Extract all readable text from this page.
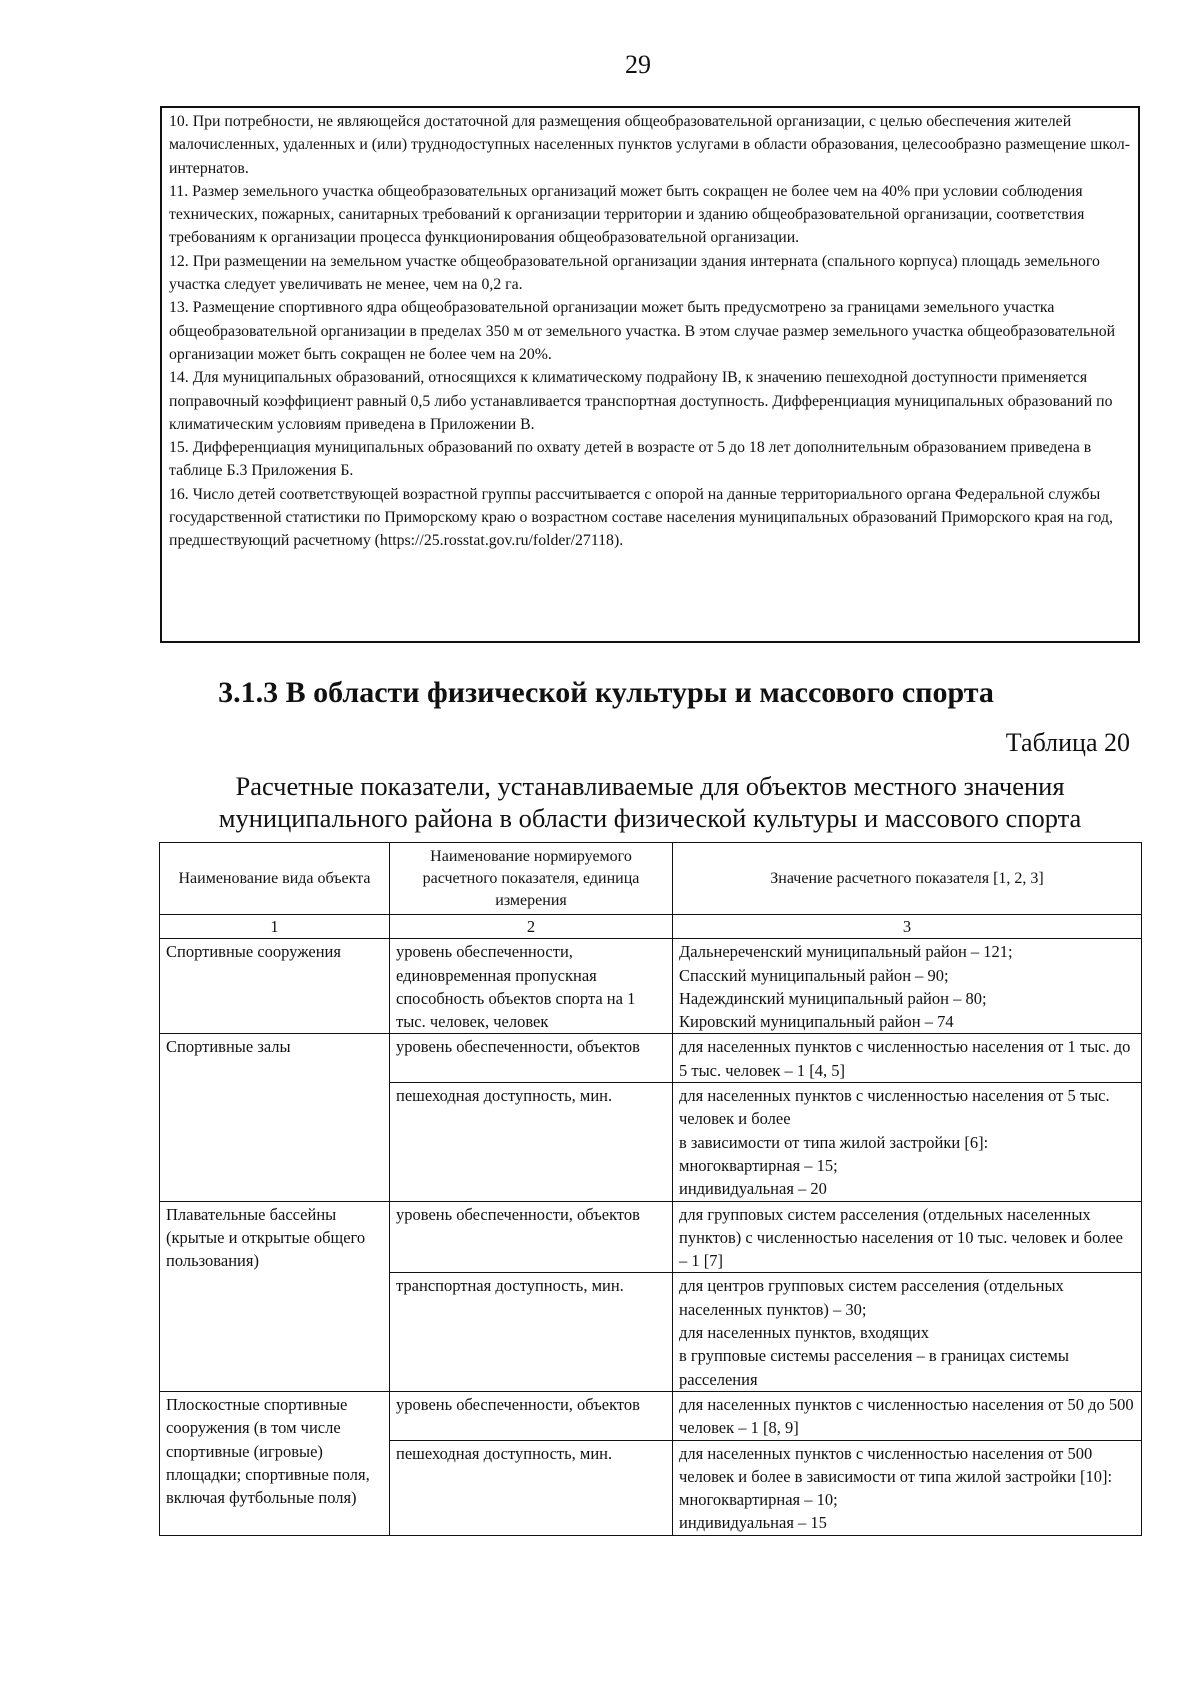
29

10. При потребности, не являющейся достаточной для размещения общеобразовательной организации, с целью обеспечения жителей малочисленных, удаленных и (или) труднодоступных населенных пунктов услугами в области образования, целесообразно размещение школ-интернатов.

11. Размер земельного участка общеобразовательных организаций может быть сокращен не более чем на 40% при условии соблюдения технических, пожарных, санитарных требований к организации территории и зданию общеобразовательной организации, соответствия требованиям к организации процесса функционирования общеобразовательной организации.

12. При размещении на земельном участке общеобразовательной организации здания интерната (спального корпуса) площадь земельного участка следует увеличивать не менее, чем на 0,2 га.

13. Размещение спортивного ядра общеобразовательной организации может быть предусмотрено за границами земельного участка общеобразовательной организации в пределах 350 м от земельного участка. В этом случае размер земельного участка общеобразовательной организации может быть сокращен не более чем на 20%.

14. Для муниципальных образований, относящихся к климатическому подрайону IВ, к значению пешеходной доступности применяется поправочный коэффициент равный 0,5 либо устанавливается транспортная доступность. Дифференциация муниципальных образований по климатическим условиям приведена в Приложении В.

15. Дифференциация муниципальных образований по охвату детей в возрасте от 5 до 18 лет дополнительным образованием приведена в таблице Б.3 Приложения Б.

16. Число детей соответствующей возрастной группы рассчитывается с опорой на данные территориального органа Федеральной службы государственной статистики по Приморскому краю о возрастном составе населения муниципальных образований Приморского края на год, предшествующий расчетному (https://25.rosstat.gov.ru/folder/27118).

3.1.3 В области физической культуры и массового спорта
Таблица 20
Расчетные показатели, устанавливаемые для объектов местного значения муниципального района в области физической культуры и массового спорта
Наименование вида объекта	Наименование нормируемого расчетного показателя, единица измерения	Значение расчетного показателя [1, 2, 3]
1	2	3
Спортивные сооружения	уровень обеспеченности, единовременная пропускная способность объектов спорта на 1 тыс. человек, человек	Дальнереченский муниципальный район – 121;
Спасский муниципальный район – 90;
Надеждинский муниципальный район – 80;
Кировский муниципальный район – 74

Спортивные залы	уровень обеспеченности, объектов	для населенных пунктов с численностью населения от 1 тыс. до 5 тыс. человек – 1 [4, 5]

	пешеходная доступность, мин.	для населенных пунктов с численностью населения от 5 тыс. человек и более
в зависимости от типа жилой застройки [6]:
многоквартирная – 15;
индивидуальная – 20

Плавательные бассейны (крытые и открытые общего пользования)	уровень обеспеченности, объектов	для групповых систем расселения (отдельных населенных пунктов) с численностью населения от 10 тыс. человек и более – 1 [7]

	транспортная доступность, мин.	для центров групповых систем расселения (отдельных населенных пунктов) – 30;
для населенных пунктов, входящих
в групповые системы расселения – в границах системы расселения

Плоскостные спортивные сооружения (в том числе спортивные (игровые) площадки; спортивные поля, включая футбольные поля)	уровень обеспеченности, объектов	для населенных пунктов с численностью населения от 50 до 500 человек – 1 [8, 9]

	пешеходная доступность, мин.	для населенных пунктов с численностью населения от 500 человек и более в зависимости от типа жилой застройки [10]:
многоквартирная – 10;
индивидуальная – 15
